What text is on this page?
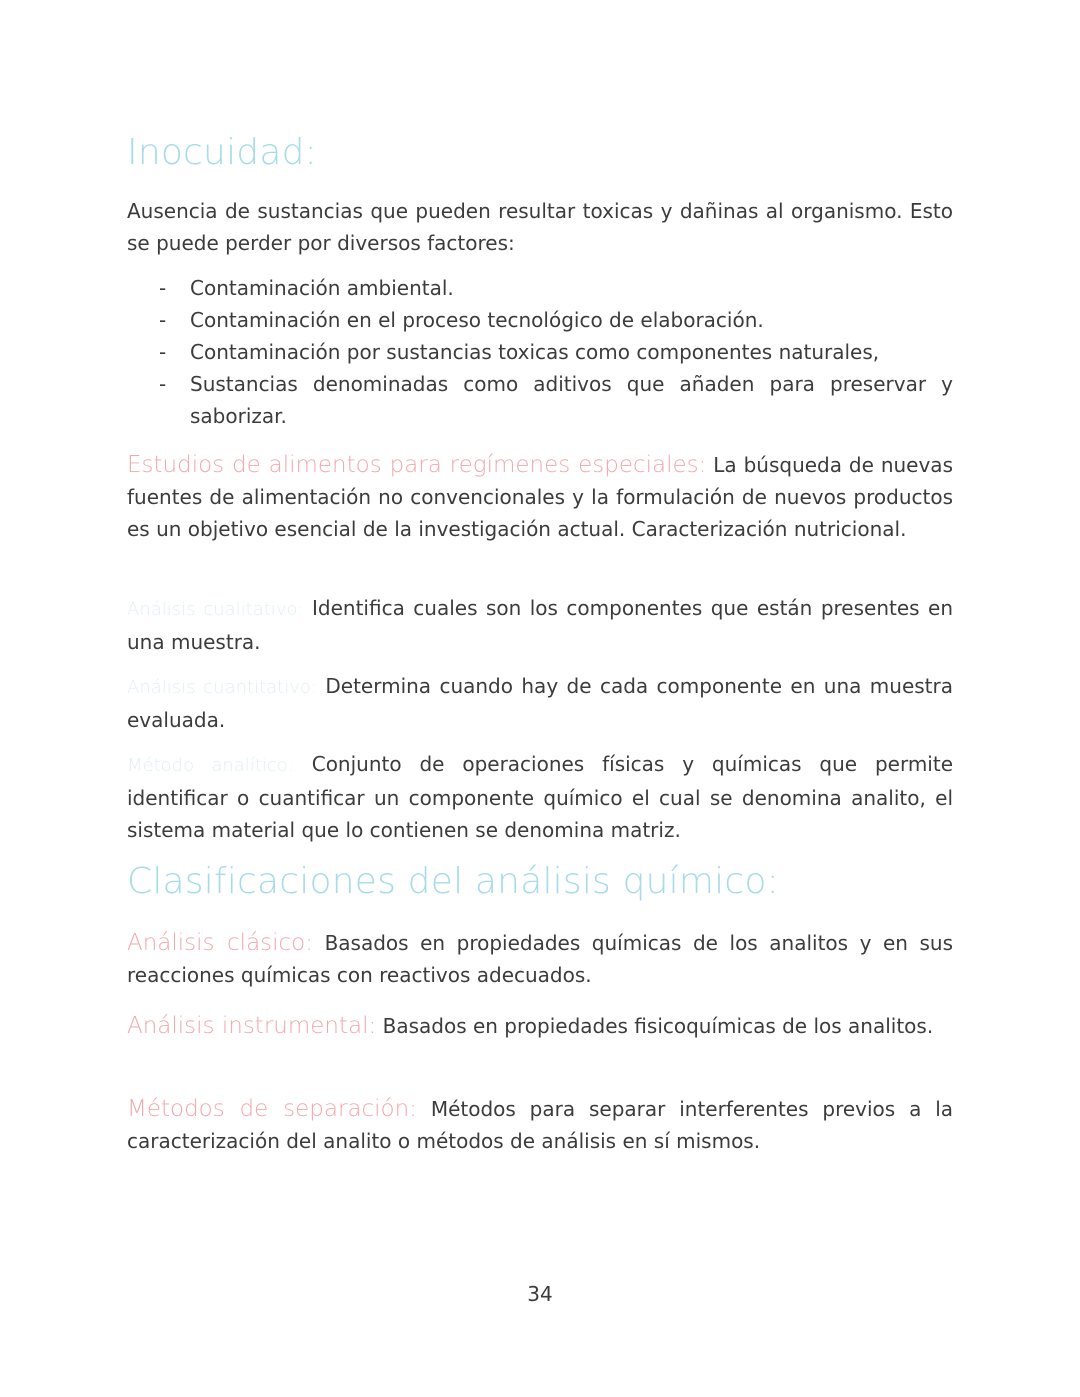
Inocuidad:
Ausencia de sustancias que pueden resultar toxicas y dañinas al organismo. Esto se puede perder por diversos factores:
- Contaminación ambiental.
- Contaminación en el proceso tecnológico de elaboración.
- Contaminación por sustancias toxicas como componentes naturales,
- Sustancias denominadas como aditivos que añaden para preservar y saborizar.
Estudios de alimentos para regímenes especiales: La búsqueda de nuevas fuentes de alimentación no convencionales y la formulación de nuevos productos es un objetivo esencial de la investigación actual. Caracterización nutricional.
Análisis cualitativo: Identifica cuales son los componentes que están presentes en una muestra.
Análisis cuantitativo: Determina cuando hay de cada componente en una muestra evaluada.
Método analítico: Conjunto de operaciones físicas y químicas que permite identificar o cuantificar un componente químico el cual se denomina analito, el sistema material que lo contienen se denomina matriz.
Clasificaciones del análisis químico:
Análisis clásico: Basados en propiedades químicas de los analitos y en sus reacciones químicas con reactivos adecuados.
Análisis instrumental: Basados en propiedades fisicoquímicas de los analitos.
Métodos de separación: Métodos para separar interferentes previos a la caracterización del analito o métodos de análisis en sí mismos.
34
